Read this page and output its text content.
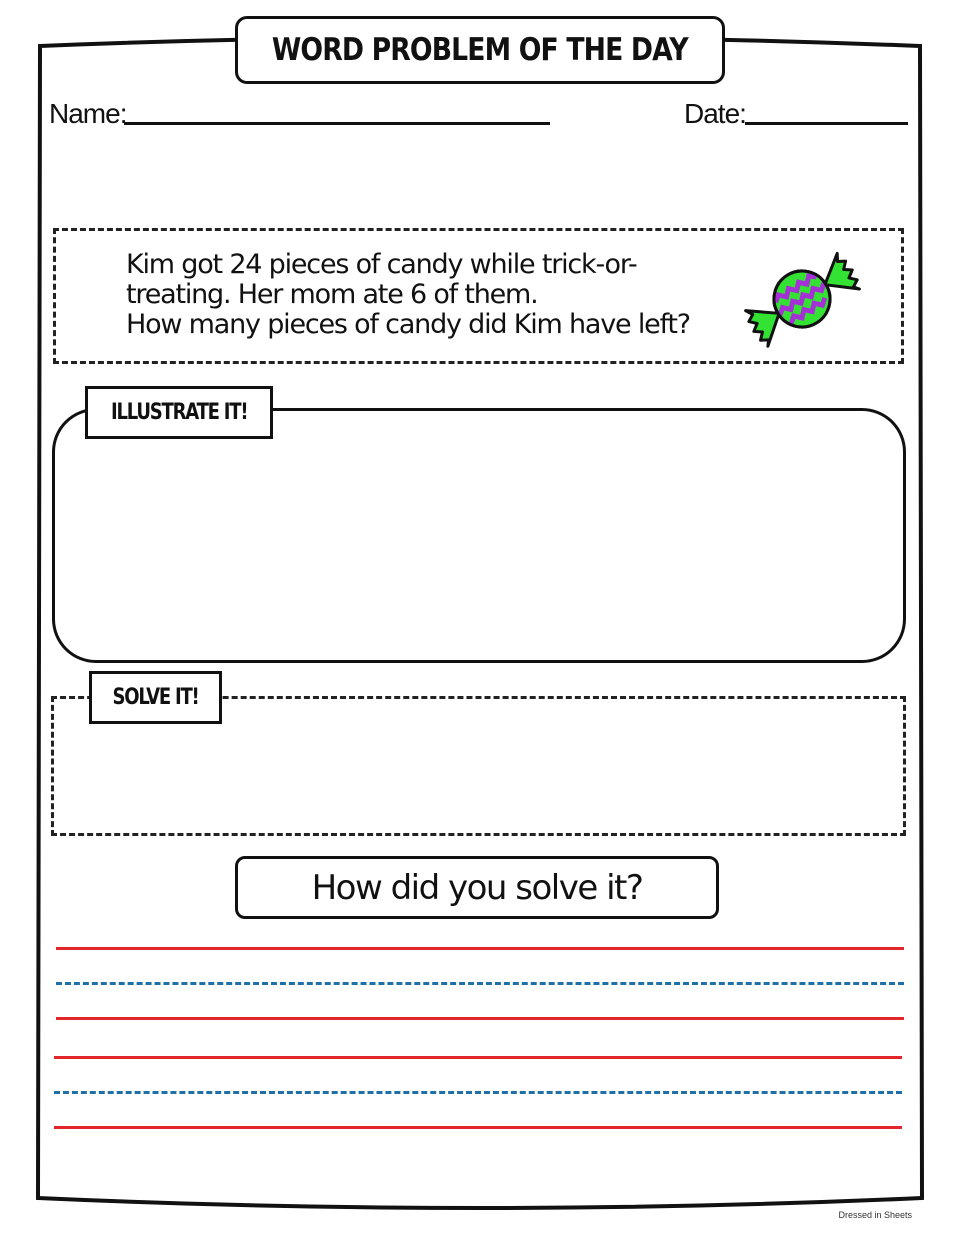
WORD PROBLEM OF THE DAY
Name:	Date:
Kim got 24 pieces of candy while trick-or-
treating. Her mom ate 6 of them.
How many pieces of candy did Kim have left?
ILLUSTRATE IT!
SOLVE IT!
How did you solve it?
Dressed in Sheets
